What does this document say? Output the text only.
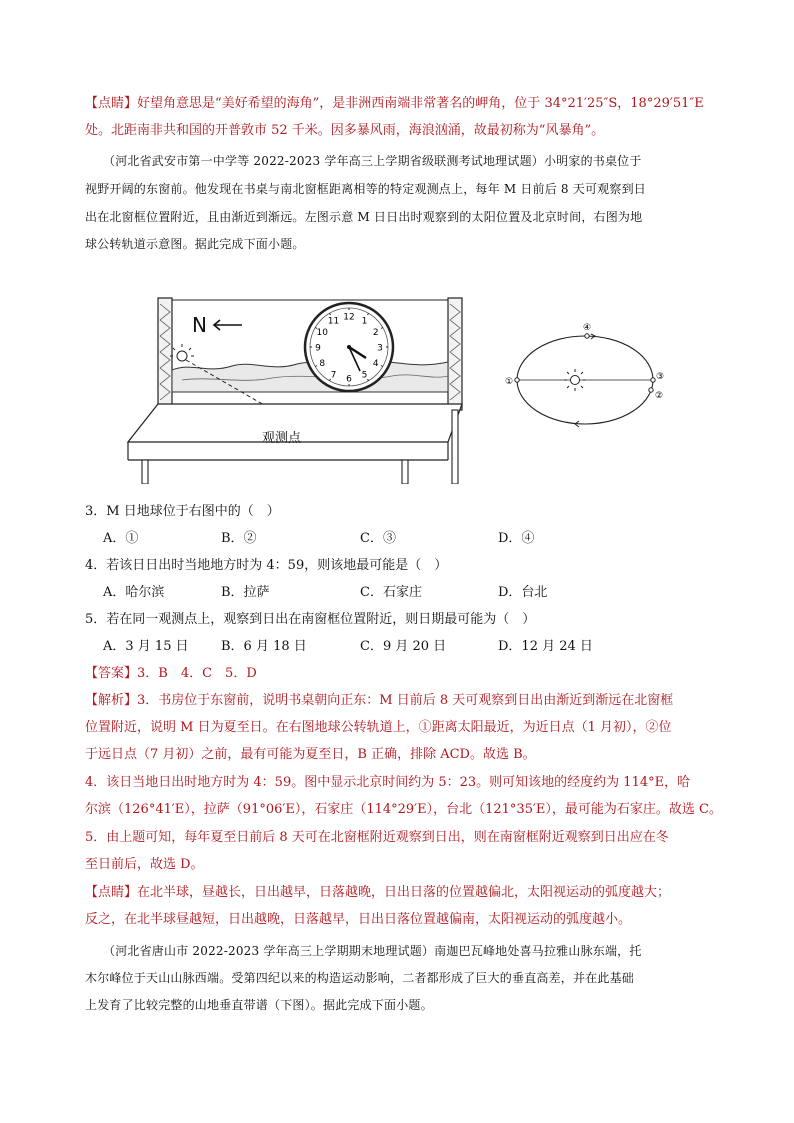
【点睛】好望角意思是“美好希望的海角”，是非洲西南端非常著名的岬角，位于 34°21′25″S，18°29′51″E
处。北距南非共和国的开普敦市 52 千米。因多暴风雨，海浪汹涌，故最初称为“风暴角”。
（河北省武安市第一中学等 2022-2023 学年高三上学期省级联测考试地理试题）小明家的书桌位于
视野开阔的东窗前。他发现在书桌与南北窗框距离相等的特定观测点上，每年 M 日前后 8 天可观察到日
出在北窗框位置附近，且由渐近到渐远。左图示意 M 日日出时观察到的太阳位置及北京时间，右图为地
球公转轨道示意图。据此完成下面小题。
N	12 1
2
3
4
5
6
7
8
9
10
11
观测点
①
②
③
④
3．M 日地球位于右图中的（　）
A．①	B．②	C．③	D．④
4．若该日日出时当地地方时为 4：59，则该地最可能是（　）
A．哈尔滨	B．拉萨	C．石家庄	D．台北
5．若在同一观测点上，观察到日出在南窗框位置附近，则日期最可能为（　）
A．3 月 15 日 B．6 月 18 日	C．9 月 20 日	D．12 月 24 日
【答案】3．B　4．C　5．D
【解析】3．书房位于东窗前，说明书桌朝向正东：M 日前后 8 天可观察到日出由渐近到渐远在北窗框
位置附近，说明 M 日为夏至日。在右图地球公转轨道上，①距离太阳最近，为近日点（1 月初），②位
于远日点（7 月初）之前，最有可能为夏至日，B 正确，排除 ACD。故选 B。
4．该日当地日出时地方时为 4：59。图中显示北京时间约为 5：23。则可知该地的经度约为 114°E，哈
尔滨（126°41′E），拉萨（91°06′E），石家庄（114°29′E），台北（121°35′E），最可能为石家庄。故选 C。
5．由上题可知，每年夏至日前后 8 天可在北窗框附近观察到日出，则在南窗框附近观察到日出应在冬
至日前后，故选 D。
【点睛】在北半球，昼越长，日出越早，日落越晚，日出日落的位置越偏北，太阳视运动的弧度越大；
反之，在北半球昼越短，日出越晚，日落越早，日出日落位置越偏南，太阳视运动的弧度越小。
（河北省唐山市 2022-2023 学年高三上学期期末地理试题）南迦巴瓦峰地处喜马拉雅山脉东端，托
木尔峰位于天山山脉西端。受第四纪以来的构造运动影响，二者都形成了巨大的垂直高差，并在此基础
上发育了比较完整的山地垂直带谱（下图）。据此完成下面小题。
